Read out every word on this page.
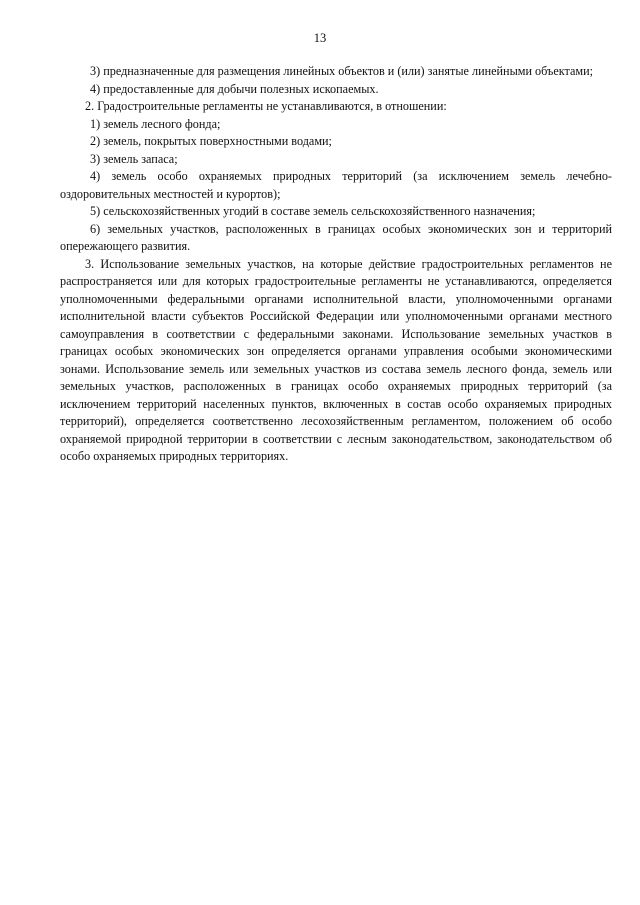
13

3) предназначенные для размещения линейных объектов и (или) занятые линейными объектами;

4) предоставленные для добычи полезных ископаемых.

2. Градостроительные регламенты не устанавливаются, в отношении:

1) земель лесного фонда;

2) земель, покрытых поверхностными водами;

3) земель запаса;

4) земель особо охраняемых природных территорий (за исключением земель лечебно-оздоровительных местностей и курортов);

5) сельскохозяйственных угодий в составе земель сельскохозяйственного назначения;

6) земельных участков, расположенных в границах особых экономических зон и территорий опережающего развития.

3. Использование земельных участков, на которые действие градостроительных регламентов не распространяется или для которых градостроительные регламенты не устанавливаются, определяется уполномоченными федеральными органами исполнительной власти, уполномоченными органами исполнительной власти субъектов Российской Федерации или уполномоченными органами местного самоуправления в соответствии с федеральными законами. Использование земельных участков в границах особых экономических зон определяется органами управления особыми экономическими зонами. Использование земель или земельных участков из состава земель лесного фонда, земель или земельных участков, расположенных в границах особо охраняемых природных территорий (за исключением территорий населенных пунктов, включенных в состав особо охраняемых природных территорий), определяется соответственно лесохозяйственным регламентом, положением об особо охраняемой природной территории в соответствии с лесным законодательством, законодательством об особо охраняемых природных территориях.
